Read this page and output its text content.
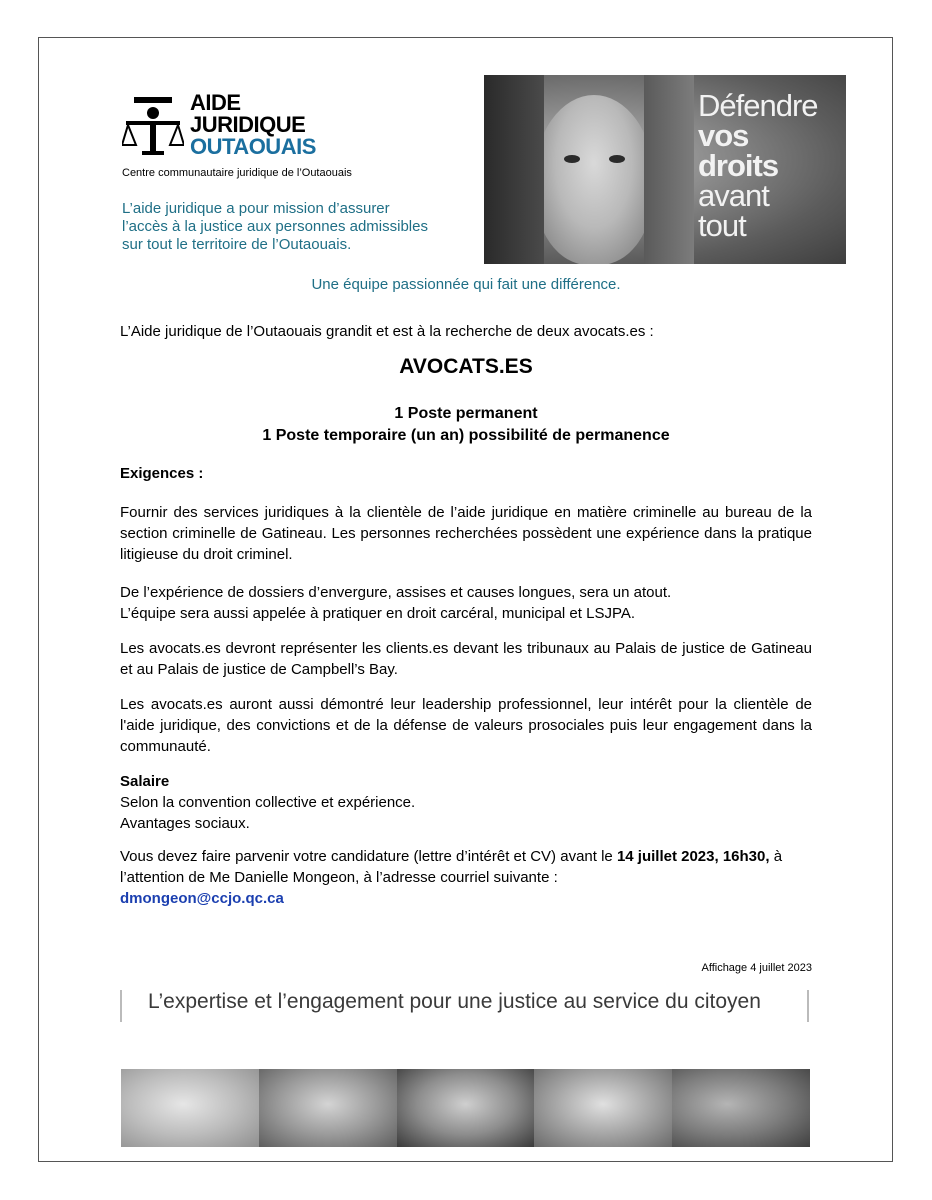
AIDE
JURIDIQUE
OUTAOUAIS
Centre communautaire juridique de l’Outaouais
L’aide juridique a pour mission d’assurer
l’accès à la justice aux personnes admissibles
sur tout le territoire de l’Outaouais.
Défendre
vos
droits
avant
tout
Une équipe passionnée qui fait une différence.
L’Aide juridique de l’Outaouais grandit et est à la recherche de deux avocats.es :
AVOCATS.ES
1 Poste permanent
1 Poste temporaire (un an) possibilité de permanence
Exigences :
Fournir des services juridiques à la clientèle de l’aide juridique en matière criminelle au bureau de la section criminelle de Gatineau. Les personnes recherchées possèdent une expérience dans la pratique litigieuse du droit criminel.
De l’expérience de dossiers d’envergure, assises et causes longues, sera un atout.
L’équipe sera aussi appelée à pratiquer en droit carcéral, municipal et LSJPA.
Les avocats.es devront représenter les clients.es devant les tribunaux au Palais de justice de Gatineau et au Palais de justice de Campbell’s Bay.
Les avocats.es auront aussi démontré leur leadership professionnel, leur intérêt pour la clientèle de l'aide juridique, des convictions et de la défense de valeurs prosociales puis leur engagement dans la communauté.
Salaire
Selon la convention collective et expérience.
Avantages sociaux.
Vous devez faire parvenir votre candidature (lettre d’intérêt et CV) avant le 14 juillet 2023, 16h30, à l’attention de Me Danielle Mongeon, à l’adresse courriel suivante :
dmongeon@ccjo.qc.ca
Affichage 4 juillet 2023
L’expertise et l’engagement pour une justice au service du citoyen
